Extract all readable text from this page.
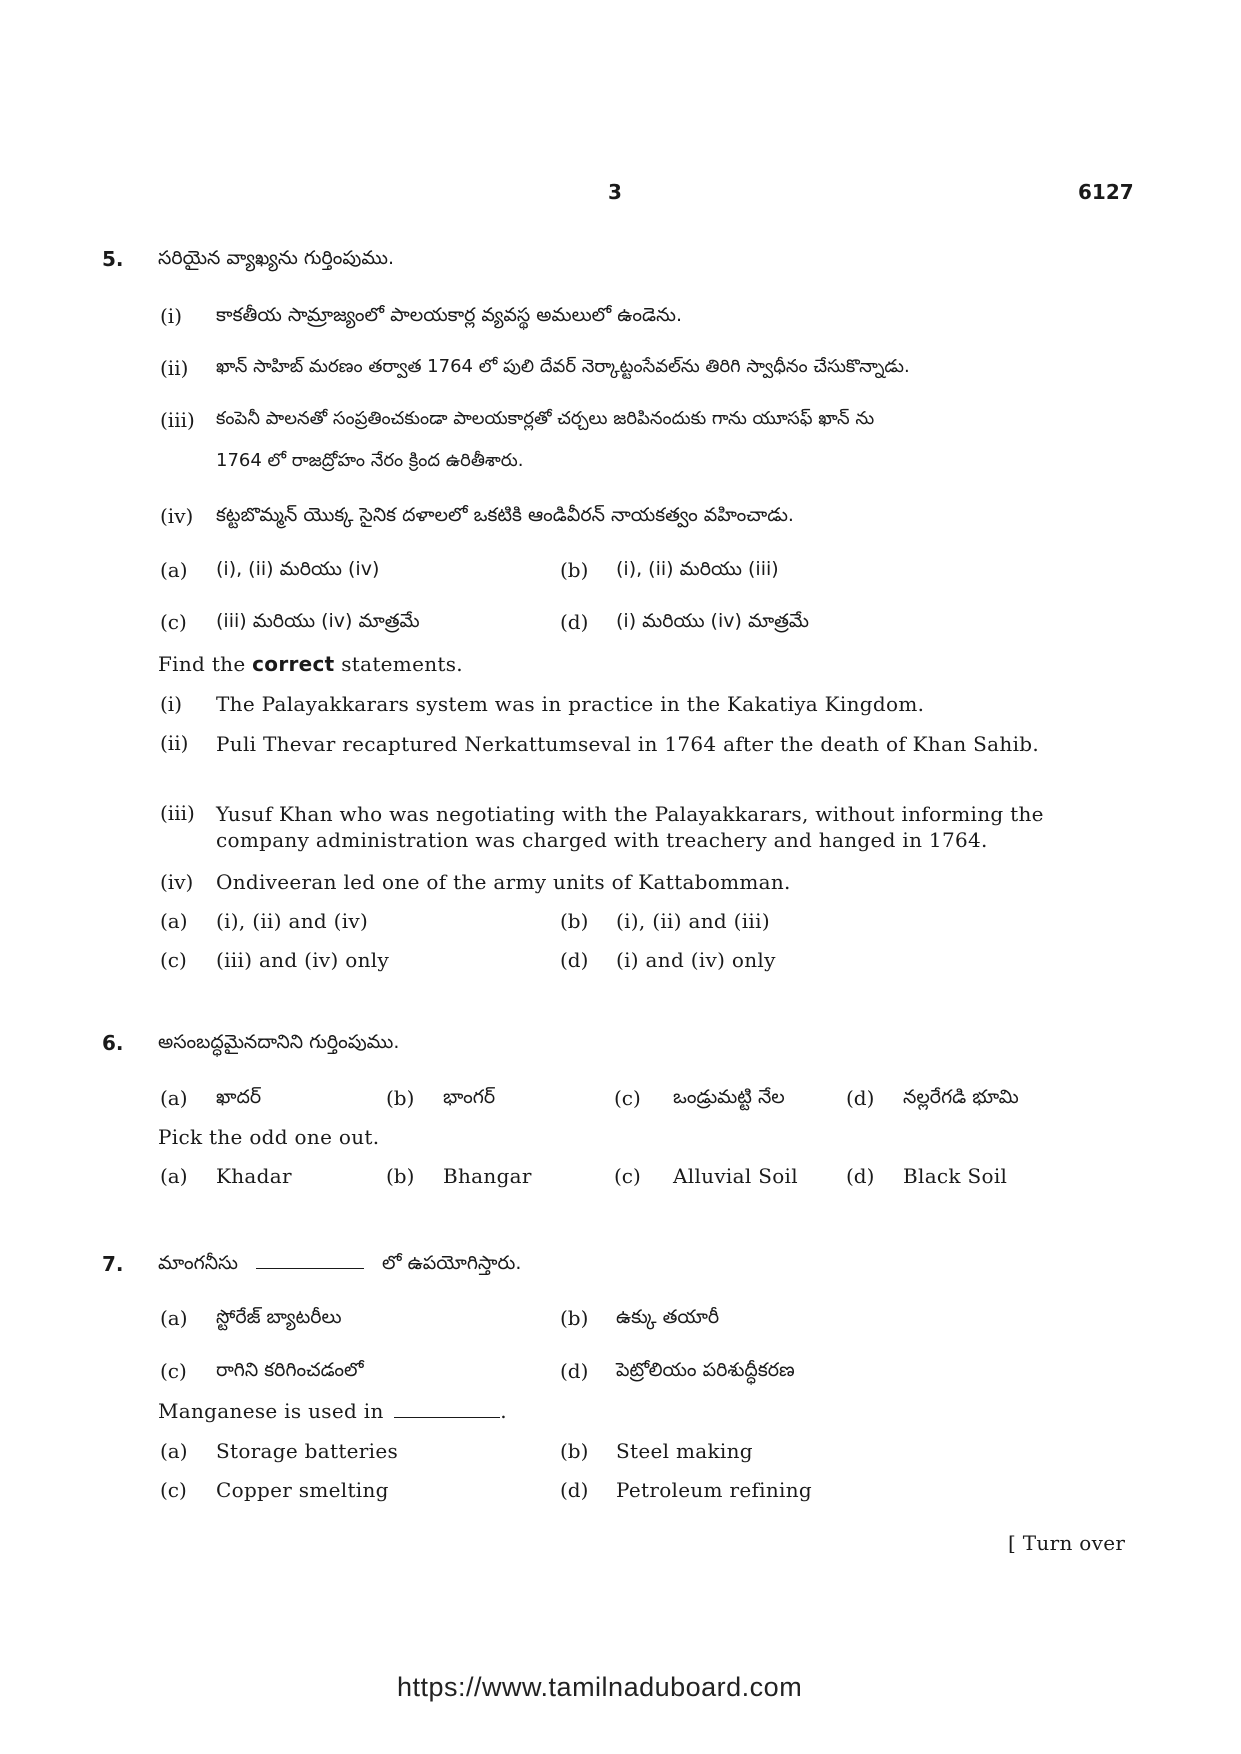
3	6127
5. సరియైన వ్యాఖ్యను గుర్తింపుము.
(i) కాకతీయ సామ్రాజ్యంలో పాలయకార్ల వ్యవస్థ అమలులో ఉండెను.
(ii) ఖాన్ సాహిబ్ మరణం తర్వాత 1764 లో పులి దేవర్ నెర్కాట్టంసేవల్‌ను తిరిగి స్వాధీనం చేసుకొన్నాడు.
(iii) కంపెనీ పాలనతో సంప్రతించకుండా పాలయకార్లతో చర్చలు జరిపినందుకు గాను యూసఫ్ ఖాన్ ను
1764 లో రాజద్రోహం నేరం క్రింద ఉరితీశారు.
(iv) కట్టబొమ్మన్ యొక్క సైనిక దళాలలో ఒకటికి ఆండివీరన్ నాయకత్వం వహించాడు.
(a) (i), (ii) మరియు (iv)	(b) (i), (ii) మరియు (iii)
(c) (iii) మరియు (iv) మాత్రమే	(d) (i) మరియు (iv) మాత్రమే
Find the correct statements.
(i) The Palayakkarars system was in practice in the Kakatiya Kingdom.
(ii) Puli Thevar recaptured Nerkattumseval in 1764 after the death of Khan Sahib.
(iii) Yusuf Khan who was negotiating with the Palayakkarars, without informing the company administration was charged with treachery and hanged in 1764.
(iv) Ondiveeran led one of the army units of Kattabomman.
(a) (i), (ii) and (iv)	(b) (i), (ii) and (iii)
(c) (iii) and (iv) only	(d) (i) and (iv) only
6. అసంబద్ధమైనదానిని గుర్తింపుము.
(a) ఖాదర్	(b) భాంగర్	(c) ఒండ్రుమట్టి నేల	(d) నల్లరేగడి భూమి
Pick the odd one out.
(a) Khadar	(b) Bhangar	(c) Alluvial Soil (d) Black Soil
7. మాంగనీసు	లో ఉపయోగిస్తారు.
(a) స్టోరేజ్ బ్యాటరీలు	(b) ఉక్కు తయారీ
(c) రాగిని కరిగించడంలో	(d) పెట్రోలియం పరిశుద్ధీకరణ
Manganese is used in	.
(a) Storage batteries	(b) Steel making
(c) Copper smelting	(d) Petroleum refining
[ Turn over
https://www.tamilnaduboard.com
